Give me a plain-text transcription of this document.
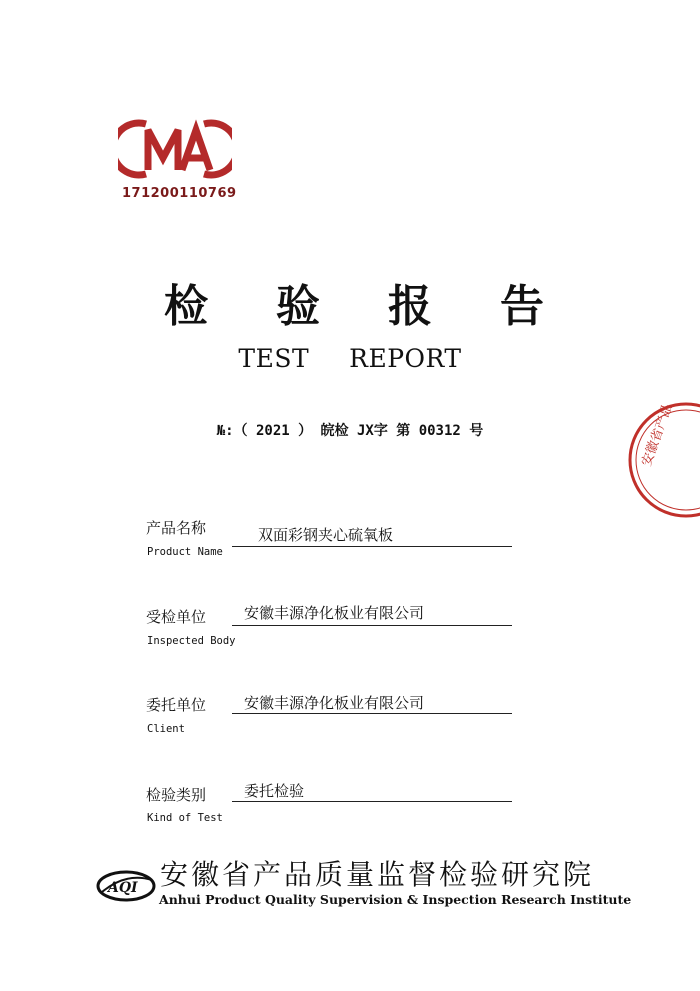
171200110769
检 验 报 告
TEST REPORT
№:（ 2021 ） 皖检 JX字 第 00312 号
产品名称	双面彩钢夹心硫氧板
Product Name
受检单位	安徽丰源净化板业有限公司
Inspected Body
委托单位	安徽丰源净化板业有限公司
Client
检验类别	委托检验
Kind of Test
安徽省产品
AQI 安徽省产品质量监督检验研究院
Anhui Product Quality Supervision & Inspection Research Institute
